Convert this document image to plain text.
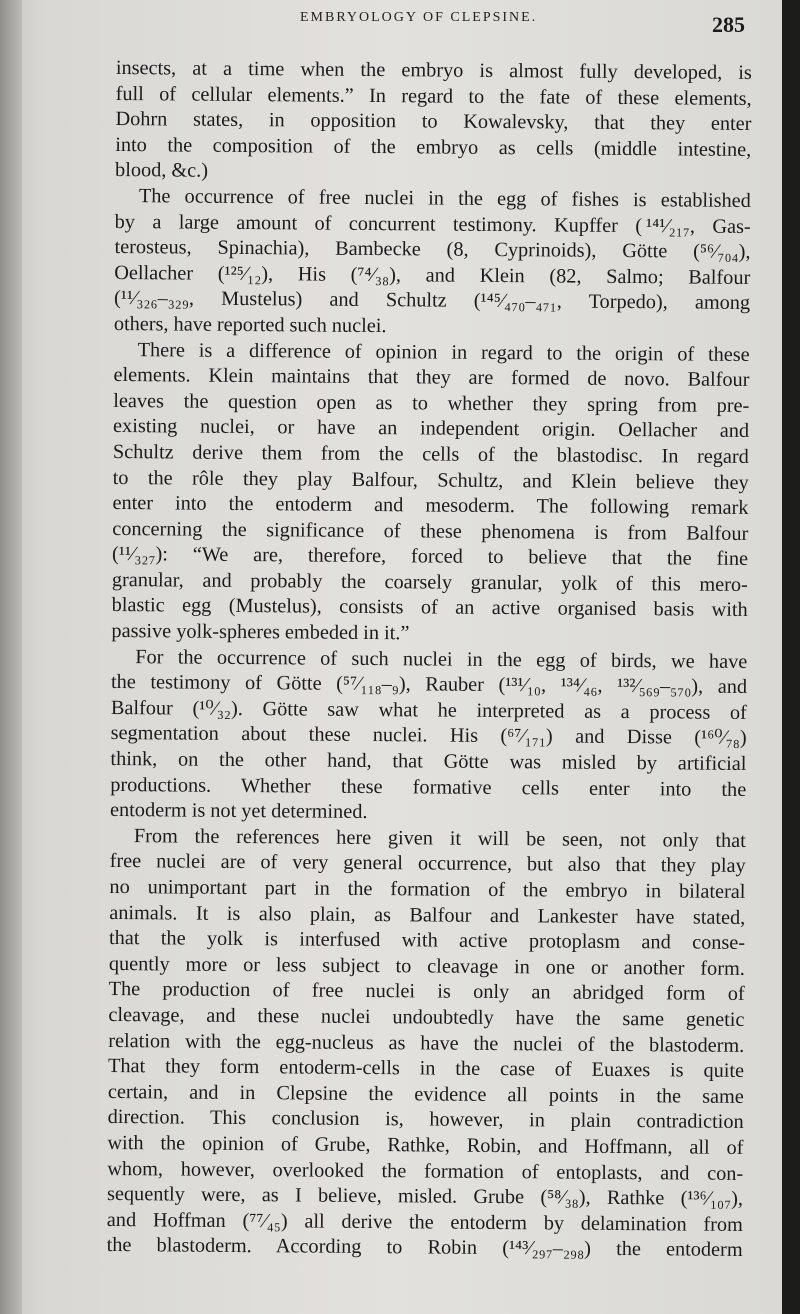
EMBRYOLOGY OF CLEPSINE.	285
insects, at a time when the embryo is almost fully developed, is
full of cellular elements.” In regard to the fate of these elements,
Dohrn states, in opposition to Kowalevsky, that they enter
into the composition of the embryo as cells (middle intestine,
blood, &c.)
The occurrence of free nuclei in the egg of fishes is established
by a large amount of concurrent testimony. Kupffer ( ¹⁴¹⁄₂₁₇, Gas-
terosteus, Spinachia), Bambecke (8, Cyprinoids), Götte (⁵⁶⁄₇₀₄),
Oellacher (¹²⁵⁄₁₂), His (⁷⁴⁄₃₈), and Klein (82, Salmo; Balfour
(¹¹⁄₃₂₆–₃₂₉, Mustelus) and Schultz (¹⁴⁵⁄₄₇₀–₄₇₁, Torpedo), among
others, have reported such nuclei.
There is a difference of opinion in regard to the origin of these
elements. Klein maintains that they are formed de novo. Balfour
leaves the question open as to whether they spring from pre-
existing nuclei, or have an independent origin. Oellacher and
Schultz derive them from the cells of the blastodisc. In regard
to the rôle they play Balfour, Schultz, and Klein believe they
enter into the entoderm and mesoderm. The following remark
concerning the significance of these phenomena is from Balfour
(¹¹⁄₃₂₇): “We are, therefore, forced to believe that the fine
granular, and probably the coarsely granular, yolk of this mero-
blastic egg (Mustelus), consists of an active organised basis with
passive yolk-spheres embeded in it.”
For the occurrence of such nuclei in the egg of birds, we have
the testimony of Götte (⁵⁷⁄₁₁₈–₉), Rauber (¹³¹⁄₁₀, ¹³⁴⁄₄₆, ¹³²⁄₅₆₉–₅₇₀), and
Balfour (¹⁰⁄₃₂). Götte saw what he interpreted as a process of
segmentation about these nuclei. His (⁶⁷⁄₁₇₁) and Disse (¹⁶⁰⁄₇₈)
think, on the other hand, that Götte was misled by artificial
productions. Whether these formative cells enter into the
entoderm is not yet determined.
From the references here given it will be seen, not only that
free nuclei are of very general occurrence, but also that they play
no unimportant part in the formation of the embryo in bilateral
animals. It is also plain, as Balfour and Lankester have stated,
that the yolk is interfused with active protoplasm and conse-
quently more or less subject to cleavage in one or another form.
The production of free nuclei is only an abridged form of
cleavage, and these nuclei undoubtedly have the same genetic
relation with the egg-nucleus as have the nuclei of the blastoderm.
That they form entoderm-cells in the case of Euaxes is quite
certain, and in Clepsine the evidence all points in the same
direction. This conclusion is, however, in plain contradiction
with the opinion of Grube, Rathke, Robin, and Hoffmann, all of
whom, however, overlooked the formation of entoplasts, and con-
sequently were, as I believe, misled. Grube (⁵⁸⁄₃₈), Rathke (¹³⁶⁄₁₀₇),
and Hoffman (⁷⁷⁄₄₅) all derive the entoderm by delamination from
the blastoderm. According to Robin (¹⁴³⁄₂₉₇–₂₉₈) the entoderm
